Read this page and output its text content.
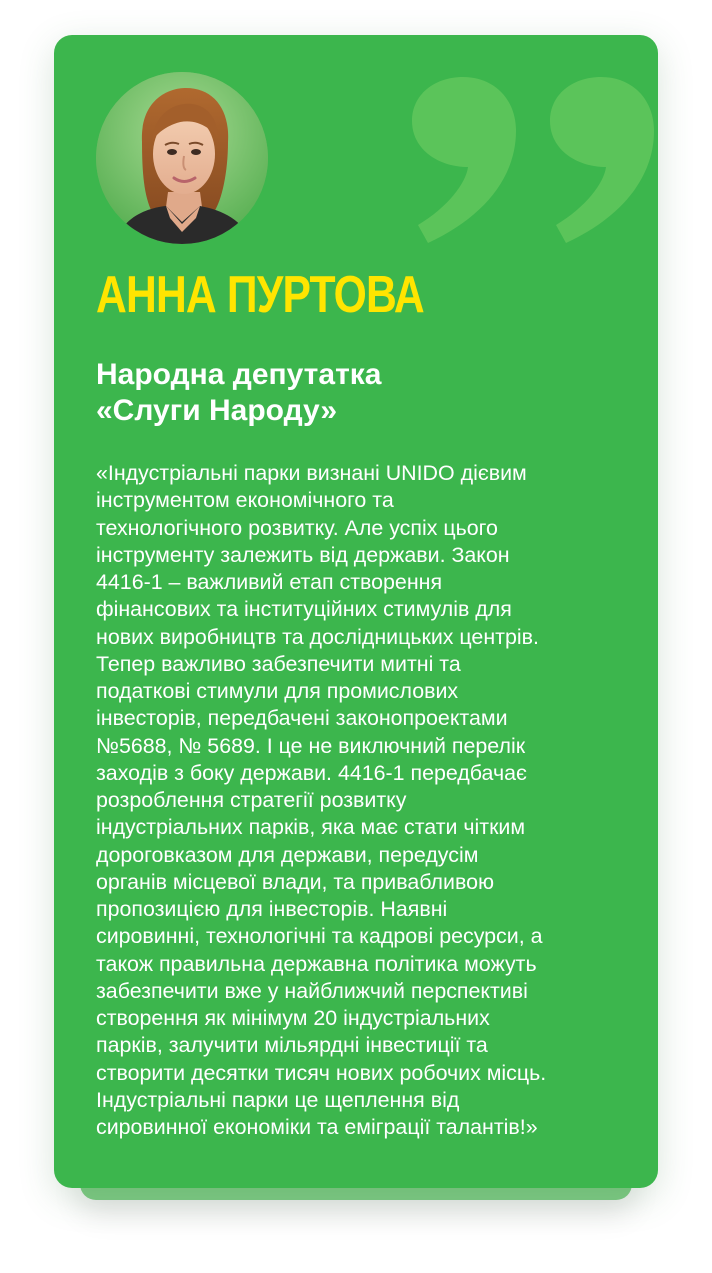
АННА ПУРТОВА
Народна депутатка
«Слуги Народу»

«Індустріальні парки визнані UNIDO дієвим
інструментом економічного та
технологічного розвитку. Але успіх цього
інструменту залежить від держави. Закон
4416-1 – важливий етап створення
фінансових та інституційних стимулів для
нових виробництв та дослідницьких центрів.
Тепер важливо забезпечити митні та
податкові стимули для промислових
інвесторів, передбачені законопроектами
№5688, № 5689. І це не виключний перелік
заходів з боку держави. 4416-1 передбачає
розроблення стратегії розвитку
індустріальних парків, яка має стати чітким
дороговказом для держави, передусім
органів місцевої влади, та привабливою
пропозицією для інвесторів. Наявні
сировинні, технологічні та кадрові ресурси, а
також правильна державна політика можуть
забезпечити вже у найближчий перспективі
створення як мінімум 20 індустріальних
парків, залучити мільярдні інвестиції та
створити десятки тисяч нових робочих місць.
Індустріальні парки це щеплення від
сировинної економіки та еміграції талантів!»
